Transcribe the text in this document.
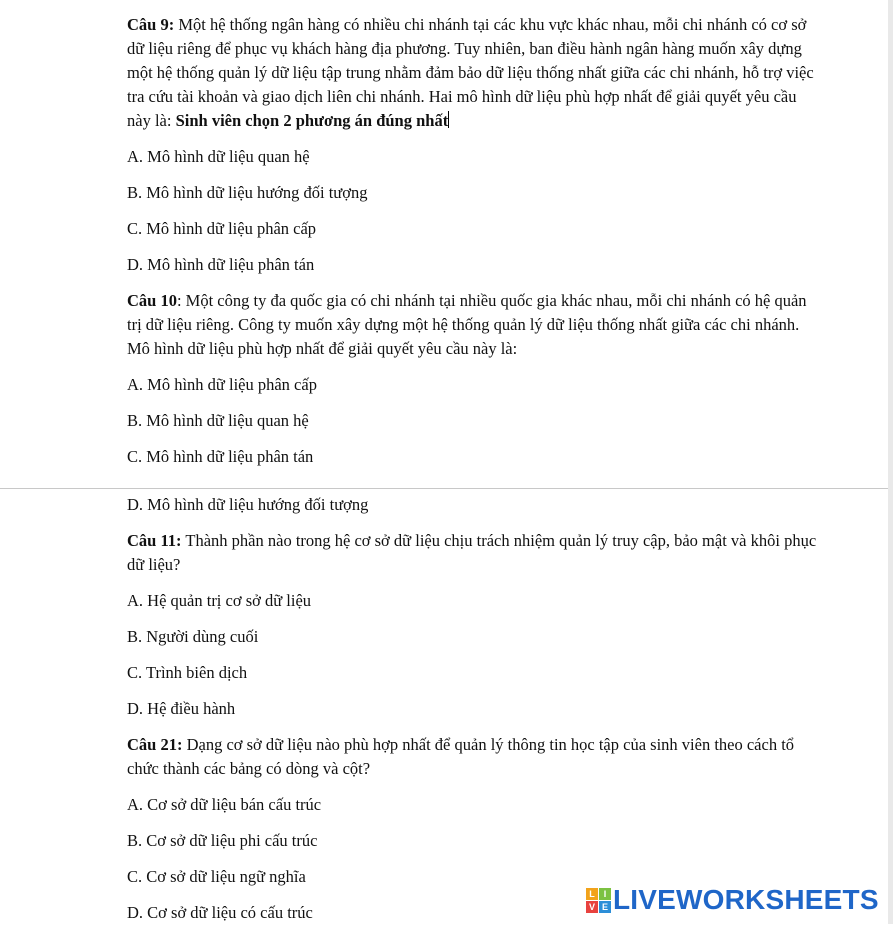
Câu 9: Một hệ thống ngân hàng có nhiều chi nhánh tại các khu vực khác nhau, mỗi chi nhánh có cơ sở dữ liệu riêng để phục vụ khách hàng địa phương. Tuy nhiên, ban điều hành ngân hàng muốn xây dựng một hệ thống quản lý dữ liệu tập trung nhằm đảm bảo dữ liệu thống nhất giữa các chi nhánh, hỗ trợ việc tra cứu tài khoản và giao dịch liên chi nhánh. Hai mô hình dữ liệu phù hợp nhất để giải quyết yêu cầu này là: Sinh viên chọn 2 phương án đúng nhất
A. Mô hình dữ liệu quan hệ
B. Mô hình dữ liệu hướng đối tượng
C. Mô hình dữ liệu phân cấp
D. Mô hình dữ liệu phân tán
Câu 10: Một công ty đa quốc gia có chi nhánh tại nhiều quốc gia khác nhau, mỗi chi nhánh có hệ quản trị dữ liệu riêng. Công ty muốn xây dựng một hệ thống quản lý dữ liệu thống nhất giữa các chi nhánh. Mô hình dữ liệu phù hợp nhất để giải quyết yêu cầu này là:
A. Mô hình dữ liệu phân cấp
B. Mô hình dữ liệu quan hệ
C. Mô hình dữ liệu phân tán
D. Mô hình dữ liệu hướng đối tượng
Câu 11: Thành phần nào trong hệ cơ sở dữ liệu chịu trách nhiệm quản lý truy cập, bảo mật và khôi phục dữ liệu?
A. Hệ quản trị cơ sở dữ liệu
B. Người dùng cuối
C. Trình biên dịch
D. Hệ điều hành
Câu 21: Dạng cơ sở dữ liệu nào phù hợp nhất để quản lý thông tin học tập của sinh viên theo cách tổ chức thành các bảng có dòng và cột?
A. Cơ sở dữ liệu bán cấu trúc
B. Cơ sở dữ liệu phi cấu trúc
C. Cơ sở dữ liệu ngữ nghĩa
D. Cơ sở dữ liệu có cấu trúc
L I
V E LIVEWORKSHEETS
